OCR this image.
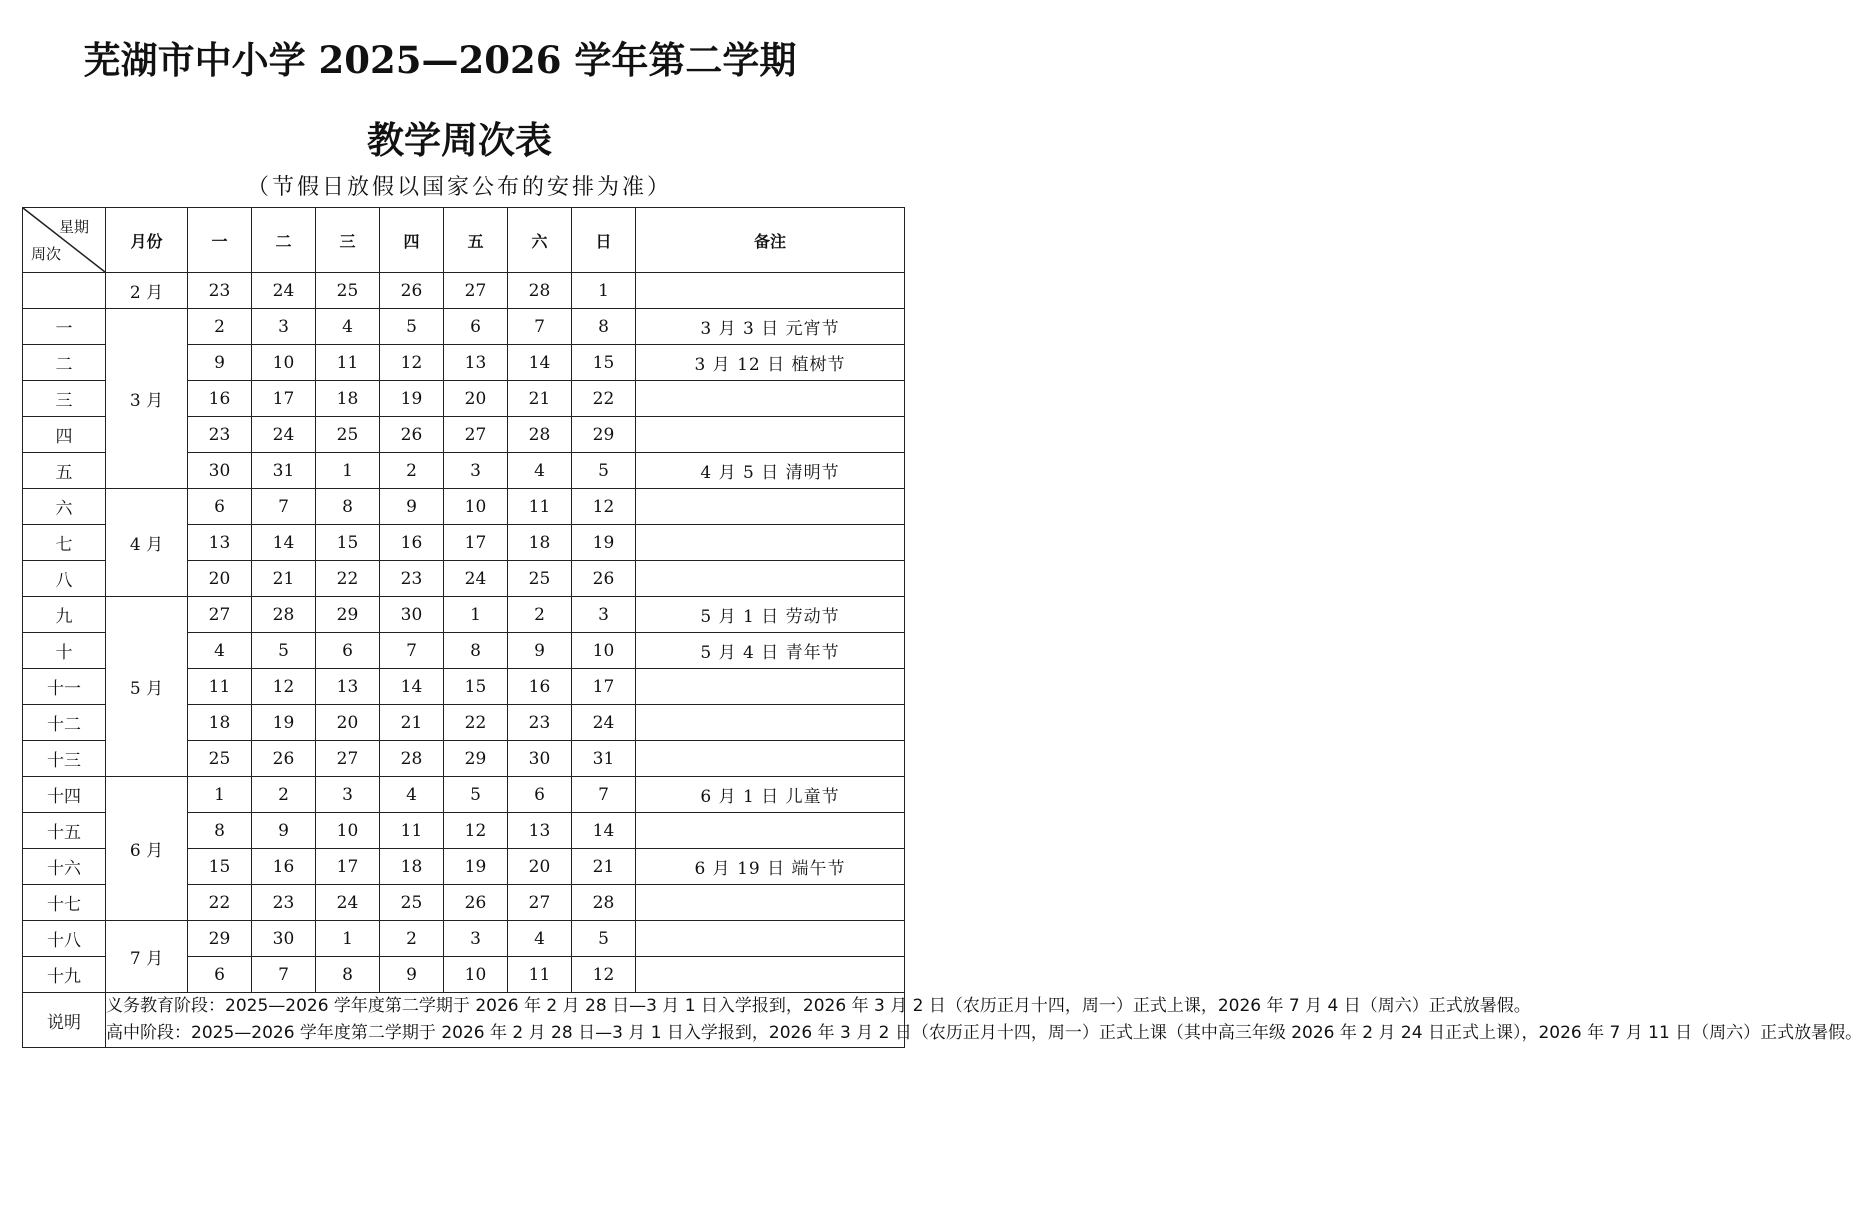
芜湖市中小学 2025—2026 学年第二学期
教学周次表
（节假日放假以国家公布的安排为准）
星期
周次	月份	一	二	三	四	五	六	日	备注
	2 月	23	24	25	26	27	28	1	
一	3 月	2	3	4	5	6	7	8	3 月 3 日 元宵节
二		9	10	11	12	13	14	15	3 月 12 日 植树节
三		16	17	18	19	20	21	22	
四		23	24	25	26	27	28	29	
五		30	31	1	2	3	4	5	4 月 5 日 清明节
六	4 月	6	7	8	9	10	11	12	
七		13	14	15	16	17	18	19	
八		20	21	22	23	24	25	26	
九	5 月	27	28	29	30	1	2	3	5 月 1 日 劳动节
十		4	5	6	7	8	9	10	5 月 4 日 青年节
十一		11	12	13	14	15	16	17	
十二		18	19	20	21	22	23	24	
十三		25	26	27	28	29	30	31	
十四	6 月	1	2	3	4	5	6	7	6 月 1 日 儿童节
十五		8	9	10	11	12	13	14	
十六		15	16	17	18	19	20	21	6 月 19 日 端午节
十七		22	23	24	25	26	27	28	
十八	7 月	29	30	1	2	3	4	5	
十九		6	7	8	9	10	11	12	
说明	义务教育阶段：2025—2026 学年度第二学期于 2026 年 2 月 28 日—3 月 1 日入学报到，2026 年 3 月 2 日（农历正月十四，周一）正式上课，2026 年 7 月 4 日（周六）正式放暑假。
高中阶段：2025—2026 学年度第二学期于 2026 年 2 月 28 日—3 月 1 日入学报到，2026 年 3 月 2 日（农历正月十四，周一）正式上课（其中高三年级 2026 年 2 月 24 日正式上课），2026 年 7 月 11 日（周六）正式放暑假。								
